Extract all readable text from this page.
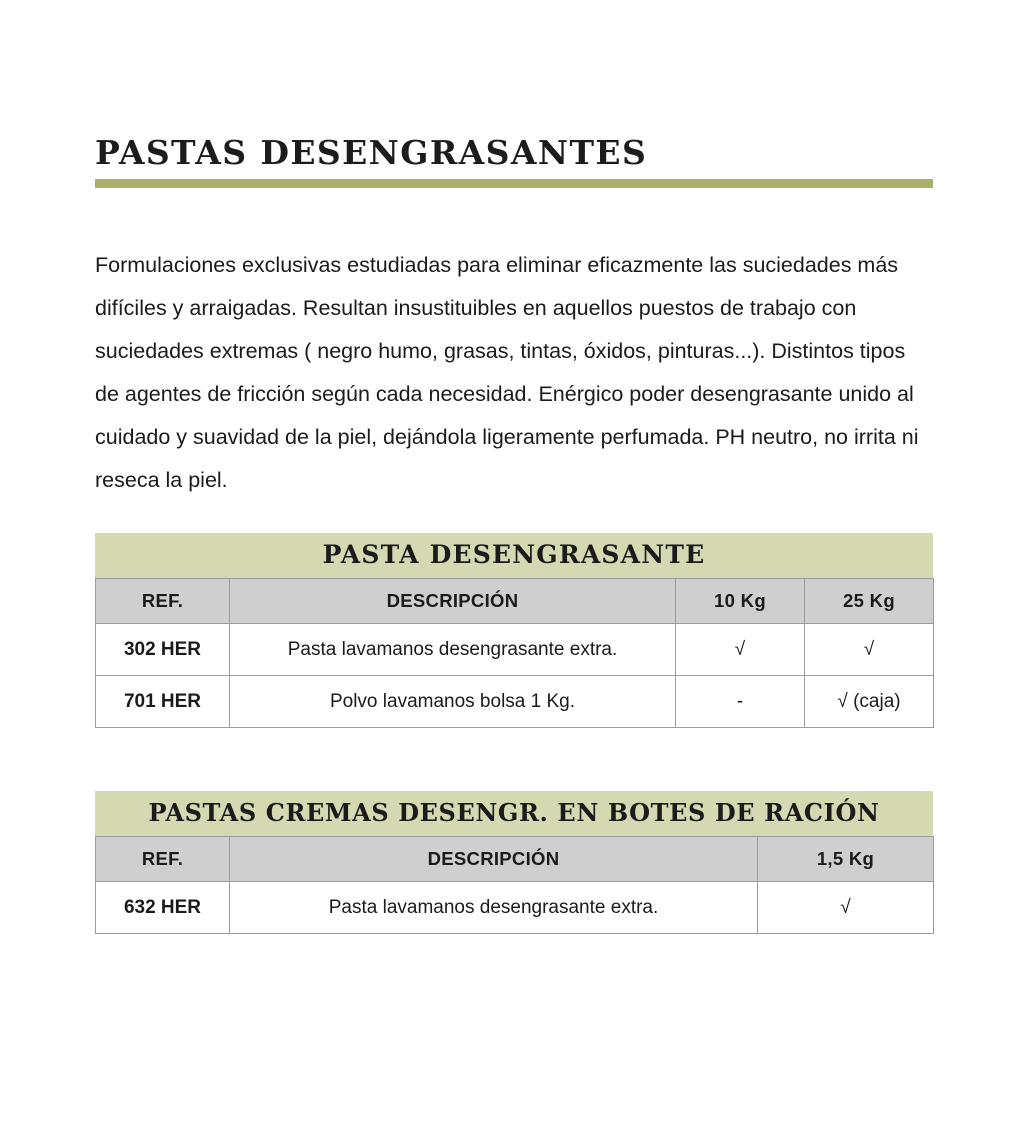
PASTAS DESENGRASANTES

Formulaciones exclusivas estudiadas para eliminar eficazmente las suciedades más difíciles y arraigadas. Resultan insustituibles en aquellos puestos de trabajo con suciedades extremas ( negro humo, grasas, tintas, óxidos, pinturas...). Distintos tipos de agentes de fricción según cada necesidad. Enérgico poder desengrasante unido al cuidado y suavidad de la piel, dejándola ligeramente perfumada. PH neutro, no irrita ni reseca la piel.

PASTA DESENGRASANTE
REF.	DESCRIPCIÓN	10 Kg	25 Kg
302 HER	Pasta lavamanos desengrasante extra.	√	√
701 HER	Polvo lavamanos bolsa 1 Kg.	-	√ (caja)
PASTAS CREMAS DESENGR. EN BOTES DE RACIÓN
REF.	DESCRIPCIÓN	1,5 Kg
632 HER	Pasta lavamanos desengrasante extra.	√
